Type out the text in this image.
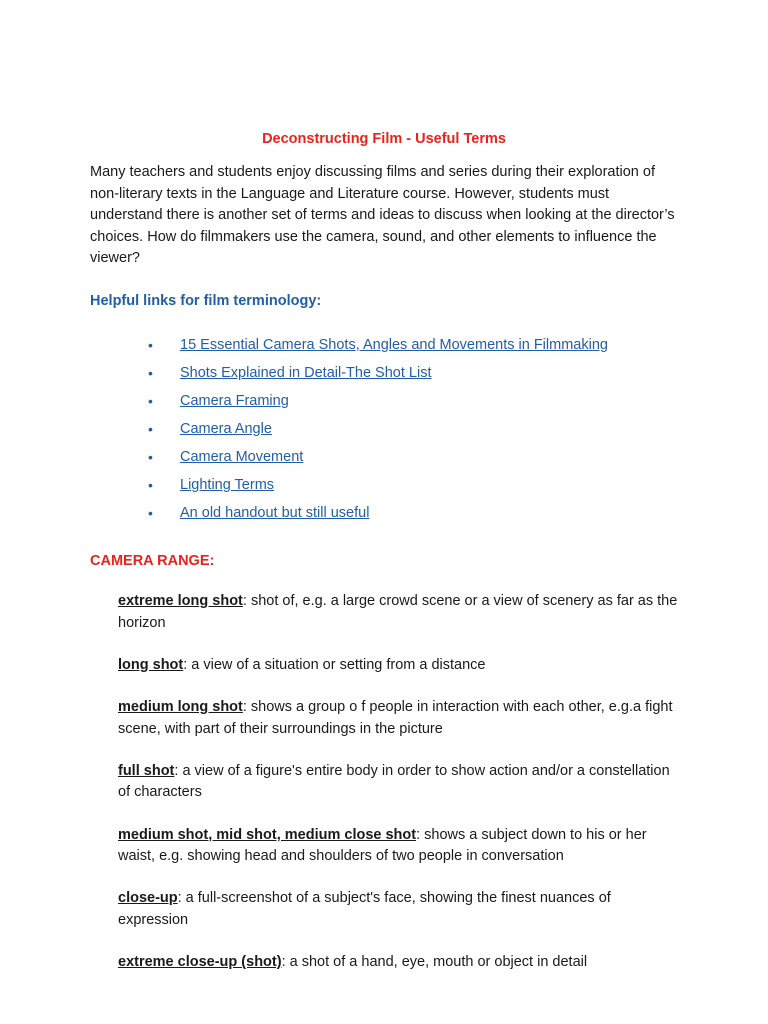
Deconstructing Film - Useful Terms

Many teachers and students enjoy discussing films and series during their exploration of non-literary texts in the Language and Literature course. However, students must understand there is another set of terms and ideas to discuss when looking at the director’s choices. How do filmmakers use the camera, sound, and other elements to influence the viewer?

Helpful links for film terminology:
• 15 Essential Camera Shots, Angles and Movements in Filmmaking
• Shots Explained in Detail-The Shot List
• Camera Framing
• Camera Angle
• Camera Movement
• Lighting Terms
• An old handout but still useful
CAMERA RANGE:

extreme long shot: shot of, e.g. a large crowd scene or a view of scenery as far as the horizon

long shot: a view of a situation or setting from a distance

medium long shot: shows a group o f people in interaction with each other, e.g.a fight scene, with part of their surroundings in the picture

full shot: a view of a figure's entire body in order to show action and/or a constellation of characters

medium shot, mid shot, medium close shot: shows a subject down to his or her waist, e.g. showing head and shoulders of two people in conversation

close-up: a full-screenshot of a subject's face, showing the finest nuances of expression

extreme close-up (shot): a shot of a hand, eye, mouth or object in detail
